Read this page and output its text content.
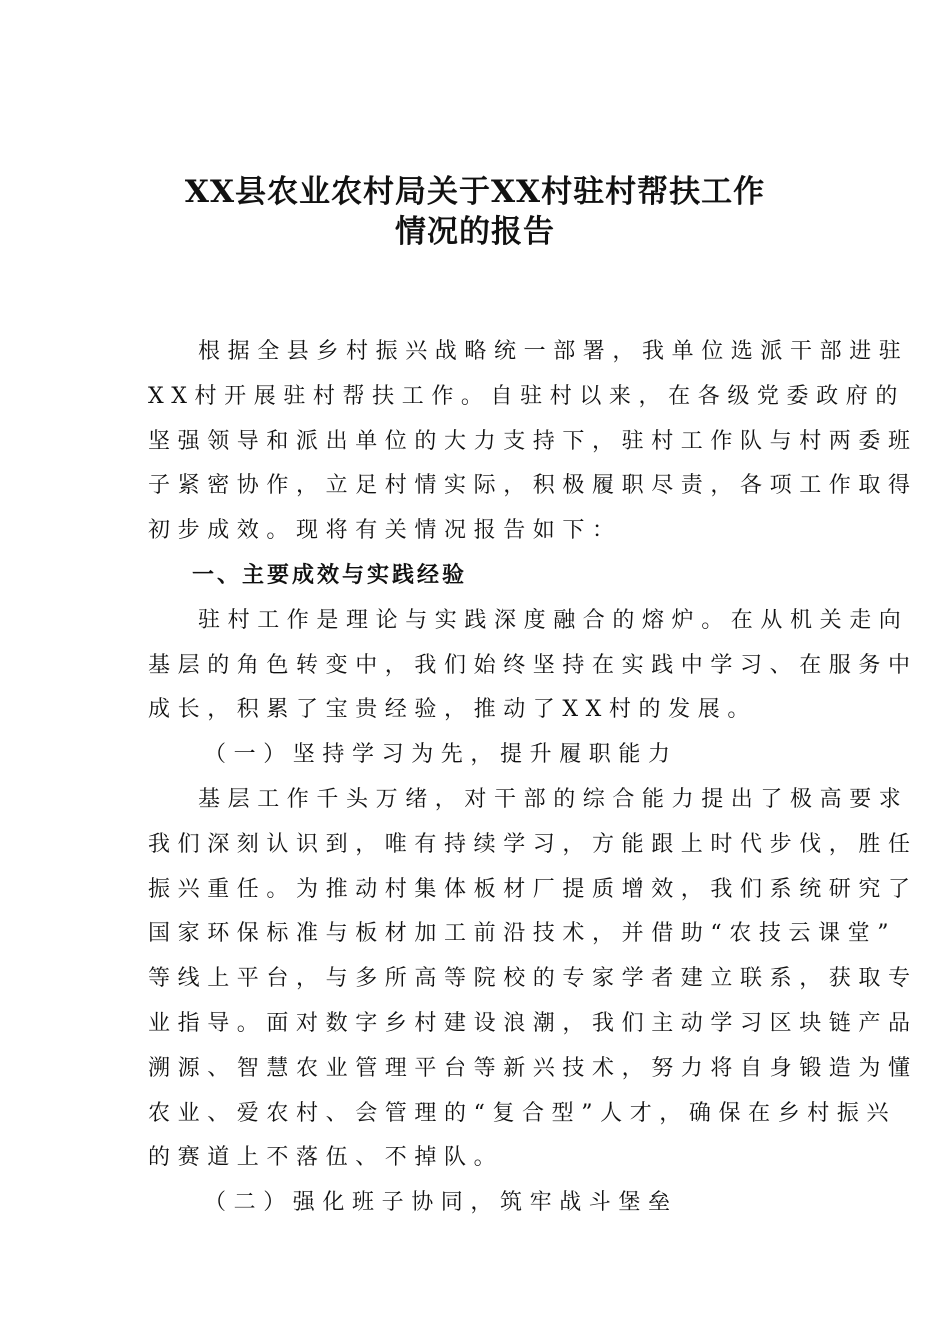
XX县农业农村局关于XX村驻村帮扶工作
情况的报告
根据全县乡村振兴战略统一部署，我单位选派干部进驻
XX村开展驻村帮扶工作。自驻村以来，在各级党委政府的
坚强领导和派出单位的大力支持下，驻村工作队与村两委班
子紧密协作，立足村情实际，积极履职尽责，各项工作取得
初步成效。现将有关情况报告如下：
一、主要成效与实践经验
驻村工作是理论与实践深度融合的熔炉。在从机关走向
基层的角色转变中，我们始终坚持在实践中学习、在服务中
成长，积累了宝贵经验，推动了XX村的发展。
（一）坚持学习为先，提升履职能力
基层工作千头万绪，对干部的综合能力提出了极高要求
我们深刻认识到，唯有持续学习，方能跟上时代步伐，胜任
振兴重任。为推动村集体板材厂提质增效，我们系统研究了
国家环保标准与板材加工前沿技术，并借助“农技云课堂”
等线上平台，与多所高等院校的专家学者建立联系，获取专
业指导。面对数字乡村建设浪潮，我们主动学习区块链产品
溯源、智慧农业管理平台等新兴技术，努力将自身锻造为懂
农业、爱农村、会管理的“复合型”人才，确保在乡村振兴
的赛道上不落伍、不掉队。
（二）强化班子协同，筑牢战斗堡垒
